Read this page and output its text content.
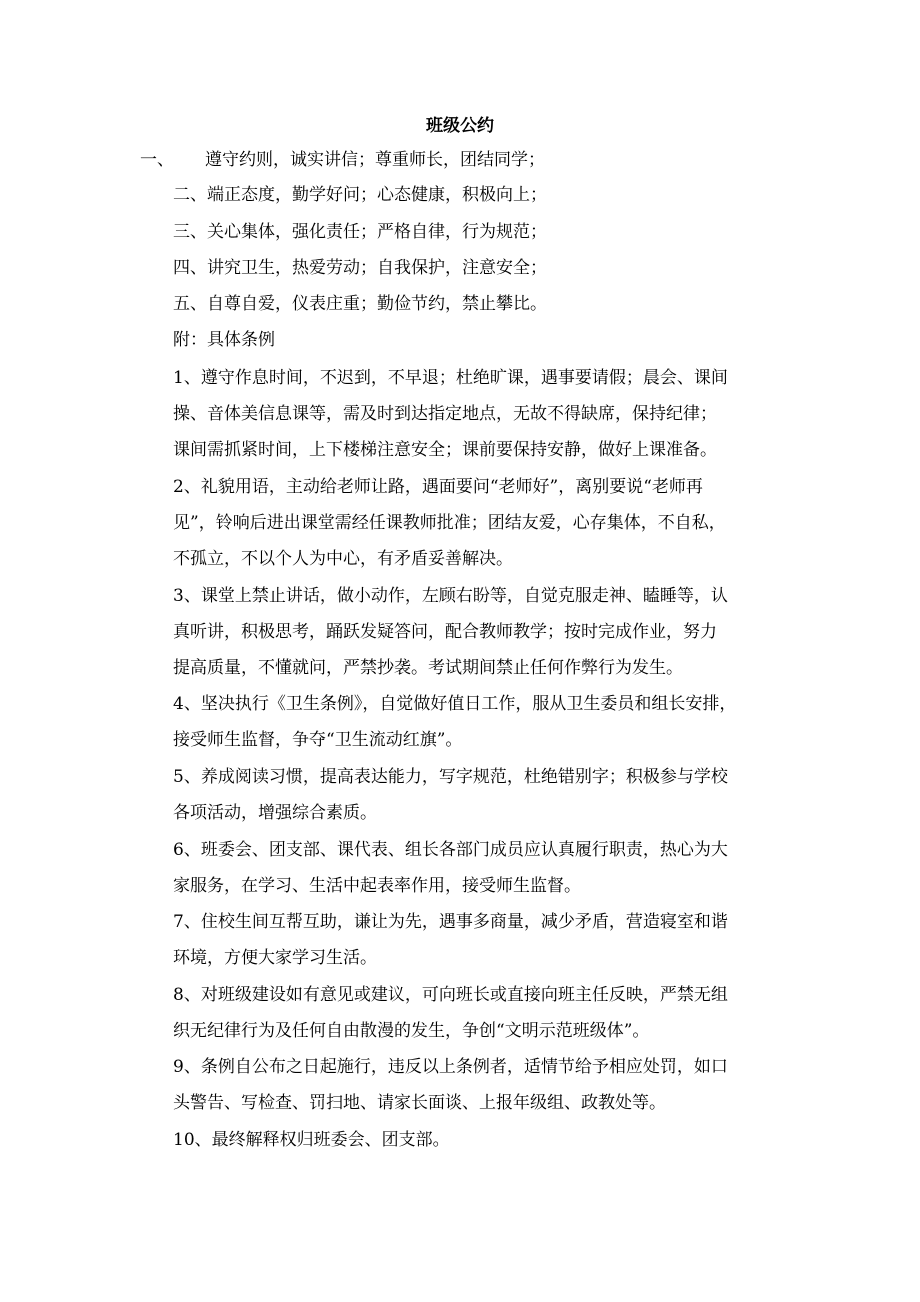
班级公约
一、 遵守约则，诚实讲信；尊重师长，团结同学；
二、端正态度，勤学好问；心态健康，积极向上；
三、关心集体，强化责任；严格自律，行为规范；
四、讲究卫生，热爱劳动；自我保护，注意安全；
五、自尊自爱，仪表庄重；勤俭节约，禁止攀比。
附：具体条例
1、遵守作息时间，不迟到，不早退；杜绝旷课，遇事要请假；晨会、课间
操、音体美信息课等，需及时到达指定地点，无故不得缺席，保持纪律；
课间需抓紧时间，上下楼梯注意安全；课前要保持安静，做好上课准备。
2、礼貌用语，主动给老师让路，遇面要问“老师好”，离别要说“老师再
见”，铃响后进出课堂需经任课教师批准；团结友爱，心存集体，不自私，
不孤立，不以个人为中心，有矛盾妥善解决。
3、课堂上禁止讲话，做小动作，左顾右盼等，自觉克服走神、瞌睡等，认
真听讲，积极思考，踊跃发疑答问，配合教师教学；按时完成作业，努力
提高质量，不懂就问，严禁抄袭。考试期间禁止任何作弊行为发生。
4、坚决执行《卫生条例》，自觉做好值日工作，服从卫生委员和组长安排，
接受师生监督，争夺“卫生流动红旗”。
5、养成阅读习惯，提高表达能力，写字规范，杜绝错别字；积极参与学校
各项活动，增强综合素质。
6、班委会、团支部、课代表、组长各部门成员应认真履行职责，热心为大
家服务，在学习、生活中起表率作用，接受师生监督。
7、住校生间互帮互助，谦让为先，遇事多商量，减少矛盾，营造寝室和谐
环境，方便大家学习生活。
8、对班级建设如有意见或建议，可向班长或直接向班主任反映，严禁无组
织无纪律行为及任何自由散漫的发生，争创“文明示范班级体”。
9、条例自公布之日起施行，违反以上条例者，适情节给予相应处罚，如口
头警告、写检查、罚扫地、请家长面谈、上报年级组、政教处等。
10、最终解释权归班委会、团支部。
